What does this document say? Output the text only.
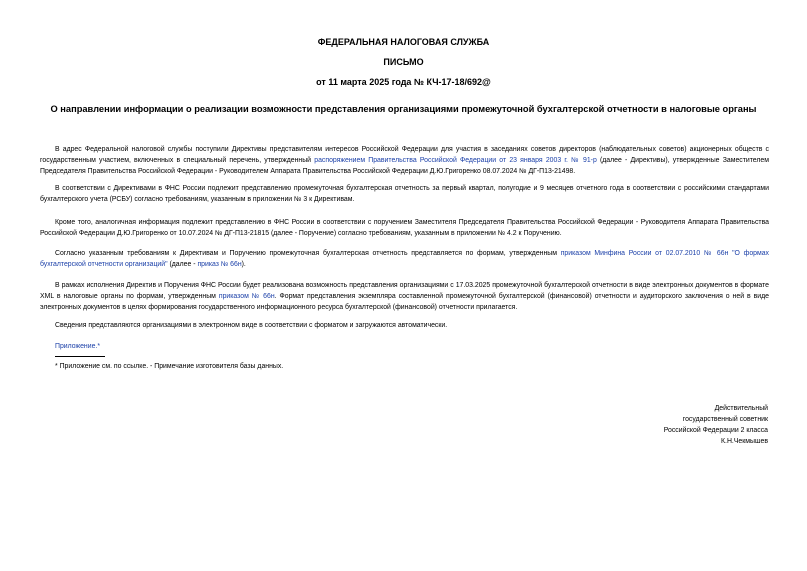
ФЕДЕРАЛЬНАЯ НАЛОГОВАЯ СЛУЖБА
ПИСЬМО
от 11 марта 2025 года № КЧ-17-18/692@
О направлении информации о реализации возможности представления организациями промежуточной бухгалтерской отчетности в налоговые органы
В адрес Федеральной налоговой службы поступили Директивы представителям интересов Российской Федерации для участия в заседаниях советов директоров (наблюдательных советов) акционерных обществ с государственным участием, включенных в специальный перечень, утвержденный распоряжением Правительства Российской Федерации от 23 января 2003 г. № 91-р (далее - Директивы), утвержденные Заместителем Председателя Правительства Российской Федерации - Руководителем Аппарата Правительства Российской Федерации Д.Ю.Григоренко 08.07.2024 № ДГ-П13-21498.
В соответствии с Директивами в ФНС России подлежит представлению промежуточная бухгалтерская отчетность за первый квартал, полугодие и 9 месяцев отчетного года в соответствии с российскими стандартами бухгалтерского учета (РСБУ) согласно требованиям, указанным в приложении № 3 к Директивам.
Кроме того, аналогичная информация подлежит представлению в ФНС России в соответствии с поручением Заместителя Председателя Правительства Российской Федерации - Руководителя Аппарата Правительства Российской Федерации Д.Ю.Григоренко от 10.07.2024 № ДГ-П13-21815 (далее - Поручение) согласно требованиям, указанным в приложении № 4.2 к Поручению.
Согласно указанным требованиям к Директивам и Поручению промежуточная бухгалтерская отчетность представляется по формам, утвержденным приказом Минфина России от 02.07.2010 № 66н "О формах бухгалтерской отчетности организаций" (далее - приказ № 66н).
В рамках исполнения Директив и Поручения ФНС России будет реализована возможность представления организациями с 17.03.2025 промежуточной бухгалтерской отчетности в виде электронных документов в формате XML в налоговые органы по формам, утвержденным приказом № 66н. Формат представления экземпляра составленной промежуточной бухгалтерской (финансовой) отчетности и аудиторского заключения о ней в виде электронных документов в целях формирования государственного информационного ресурса бухгалтерской (финансовой) отчетности прилагается.
Сведения представляются организациями в электронном виде в соответствии с форматом и загружаются автоматически.
Приложение.*
* Приложение см. по ссылке. - Примечание изготовителя базы данных.
Действительный
государственный советник
Российской Федерации 2 класса
К.Н.Чекмышев
